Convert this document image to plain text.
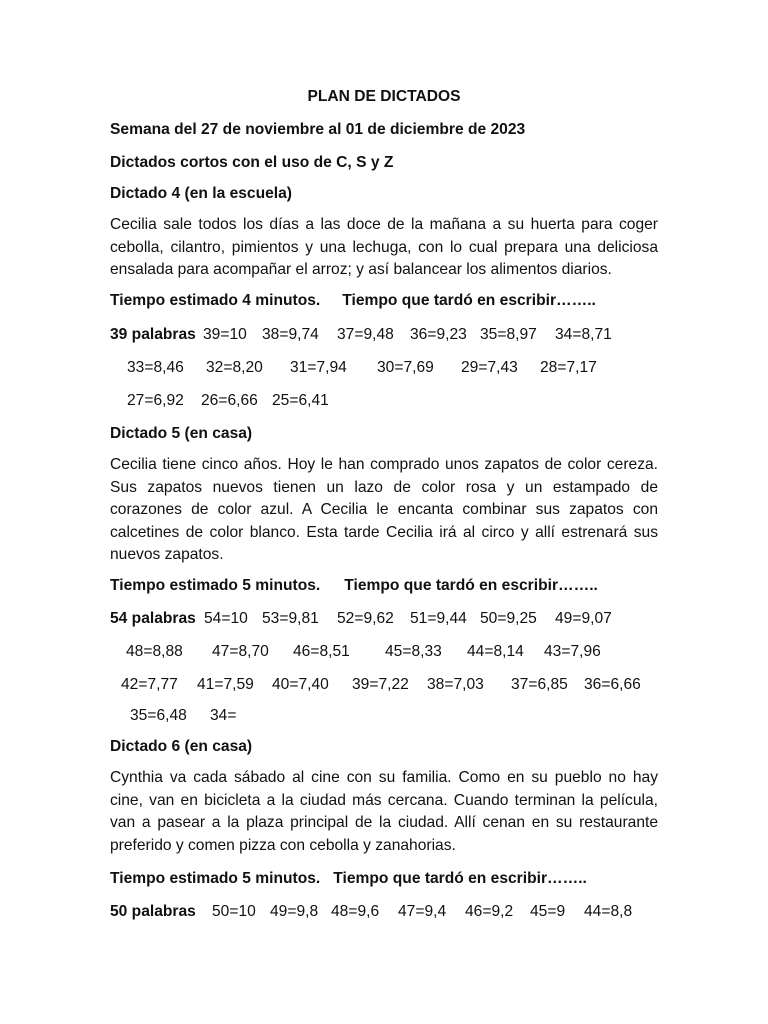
PLAN DE DICTADOS
Semana del 27 de noviembre al 01 de diciembre de 2023
Dictados cortos con el uso de C, S y Z
Dictado 4 (en la escuela)
Cecilia sale todos los días a las doce de la mañana a su huerta para coger cebolla, cilantro, pimientos y una lechuga, con lo cual prepara una deliciosa ensalada para acompañar el arroz; y así balancear los alimentos diarios.
Tiempo estimado 4 minutos. Tiempo que tardó en escribir……..
39 palabras 39=10 38=9,74 37=9,48 36=9,23 35=8,97 34=8,71
33=8,46 32=8,20 31=7,94 30=7,69 29=7,43 28=7,17
27=6,92 26=6,66 25=6,41
Dictado 5 (en casa)
Cecilia tiene cinco años. Hoy le han comprado unos zapatos de color cereza. Sus zapatos nuevos tienen un lazo de color rosa y un estampado de corazones de color azul. A Cecilia le encanta combinar sus zapatos con calcetines de color blanco. Esta tarde Cecilia irá al circo y allí estrenará sus nuevos zapatos.
Tiempo estimado 5 minutos. Tiempo que tardó en escribir……..
54 palabras 54=10 53=9,81 52=9,62 51=9,44 50=9,25 49=9,07
48=8,88 47=8,70 46=8,51 45=8,33 44=8,14 43=7,96
42=7,77 41=7,59 40=7,40 39=7,22 38=7,03 37=6,85 36=6,66
35=6,48 34=
Dictado 6 (en casa)
Cynthia va cada sábado al cine con su familia. Como en su pueblo no hay cine, van en bicicleta a la ciudad más cercana. Cuando terminan la película, van a pasear a la plaza principal de la ciudad. Allí cenan en su restaurante preferido y comen pizza con cebolla y zanahorias.
Tiempo estimado 5 minutos. Tiempo que tardó en escribir……..
50 palabras 50=10 49=9,8 48=9,6 47=9,4 46=9,2 45=9 44=8,8
